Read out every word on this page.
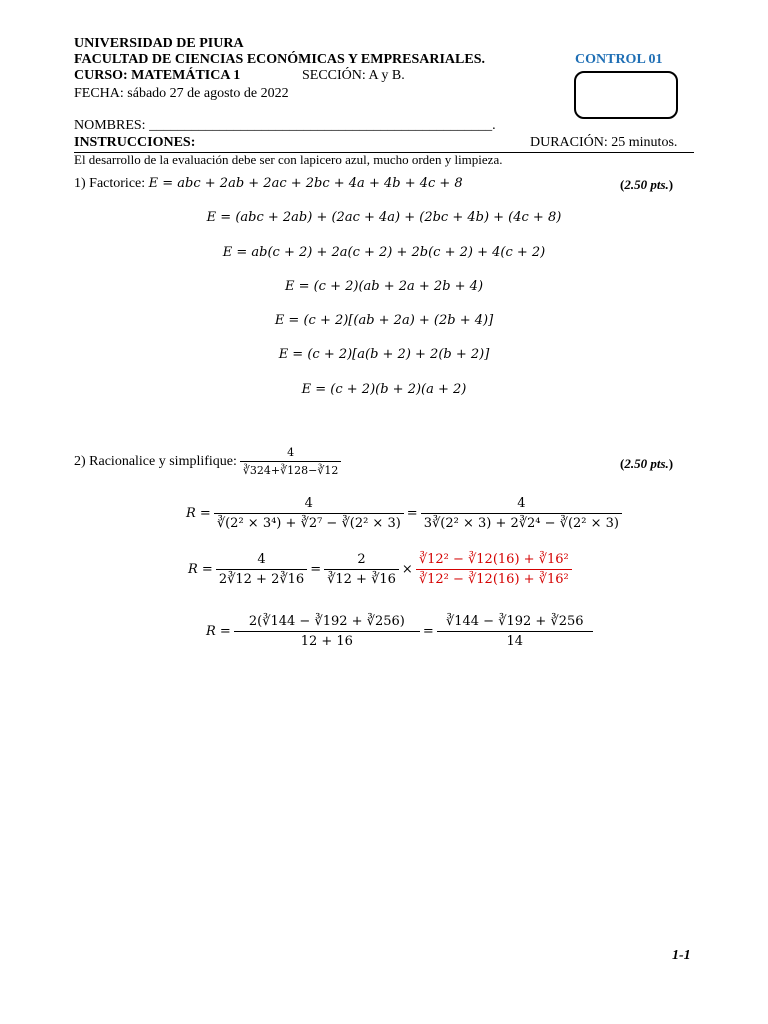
UNIVERSIDAD DE PIURA
FACULTAD DE CIENCIAS ECONÓMICAS Y EMPRESARIALES.	CONTROL 01
CURSO: MATEMÁTICA 1	SECCIÓN: A y B.
FECHA: sábado 27 de agosto de 2022
NOMBRES: _________________________________________________.
INSTRUCCIONES:	DURACIÓN: 25 minutos.
El desarrollo de la evaluación debe ser con lapicero azul, mucho orden y limpieza.
1) Factorice: E = abc + 2ab + 2ac + 2bc + 4a + 4b + 4c + 8	(2.50 pts.)
E = (abc + 2ab) + (2ac + 4a) + (2bc + 4b) + (4c + 8)
E = ab(c + 2) + 2a(c + 2) + 2b(c + 2) + 4(c + 2)
E = (c + 2)(ab + 2a + 2b + 4)
E = (c + 2)[(ab + 2a) + (2b + 4)]
E = (c + 2)[a(b + 2) + 2(b + 2)]
E = (c + 2)(b + 2)(a + 2)
2) Racionalice y simplifique: $\frac{4}{∛324+∛128-∛12}$	(2.50 pts.)
$R = \frac{4}{\text{∛(2² × 3⁴) + ∛2⁷ − ∛(2² × 3)}} = \frac{4}{\text{3∛(2² × 3) + 2∛2⁴ − ∛(2² × 3)}}$
$R = \frac{4}{2∛12 + 2∛16} = \frac{2}{∛12 + ∛16} \times \frac{\text{∛12² − ∛12(16) + ∛16²}}{\text{∛12² − ∛12(16) + ∛16²}}$
$R = \frac{2(∛144 - ∛192 + ∛256)}{12 + 16} = \frac{∛144 - ∛192 + ∛256}{14}$
1-1
